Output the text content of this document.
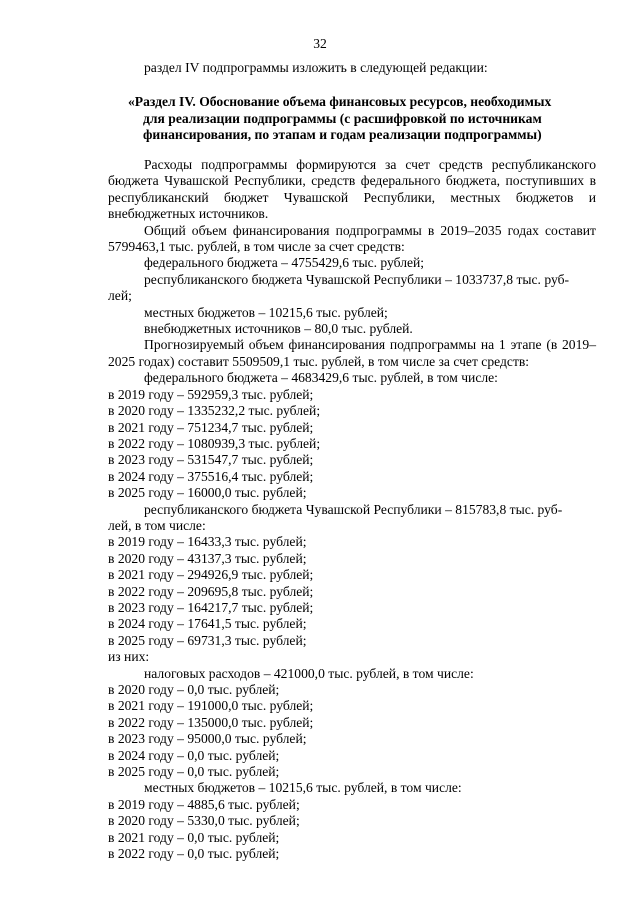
32
раздел IV подпрограммы изложить в следующей редакции:
«Раздел IV. Обоснование объема финансовых ресурсов, необходимых
для реализации подпрограммы (с расшифровкой по источникам
финансирования, по этапам и годам реализации подпрограммы)

Расходы подпрограммы формируются за счет средств республиканского бюджета Чувашской Республики, средств федерального бюджета, поступивших в республиканский бюджет Чувашской Республики, местных бюджетов и внебюджетных источников.

Общий объем финансирования подпрограммы в 2019–2035 годах составит 5799463,1 тыс. рублей, в том числе за счет средств:

федерального бюджета – 4755429,6 тыс. рублей;

республиканского бюджета Чувашской Республики – 1033737,8 тыс. руб-

лей;

местных бюджетов – 10215,6 тыс. рублей;

внебюджетных источников – 80,0 тыс. рублей.

Прогнозируемый объем финансирования подпрограммы на 1 этапе (в 2019–2025 годах) составит 5509509,1 тыс. рублей, в том числе за счет средств:

федерального бюджета – 4683429,6 тыс. рублей, в том числе:

в 2019 году – 592959,3 тыс. рублей;

в 2020 году – 1335232,2 тыс. рублей;

в 2021 году – 751234,7 тыс. рублей;

в 2022 году – 1080939,3 тыс. рублей;

в 2023 году – 531547,7 тыс. рублей;

в 2024 году – 375516,4 тыс. рублей;

в 2025 году – 16000,0 тыс. рублей;

республиканского бюджета Чувашской Республики – 815783,8 тыс. руб-

лей, в том числе:

в 2019 году – 16433,3 тыс. рублей;

в 2020 году – 43137,3 тыс. рублей;

в 2021 году – 294926,9 тыс. рублей;

в 2022 году – 209695,8 тыс. рублей;

в 2023 году – 164217,7 тыс. рублей;

в 2024 году – 17641,5 тыс. рублей;

в 2025 году – 69731,3 тыс. рублей;

из них:

налоговых расходов – 421000,0 тыс. рублей, в том числе:

в 2020 году – 0,0 тыс. рублей;

в 2021 году – 191000,0 тыс. рублей;

в 2022 году – 135000,0 тыс. рублей;

в 2023 году – 95000,0 тыс. рублей;

в 2024 году – 0,0 тыс. рублей;

в 2025 году – 0,0 тыс. рублей;

местных бюджетов – 10215,6 тыс. рублей, в том числе:

в 2019 году – 4885,6 тыс. рублей;

в 2020 году – 5330,0 тыс. рублей;

в 2021 году – 0,0 тыс. рублей;

в 2022 году – 0,0 тыс. рублей;
